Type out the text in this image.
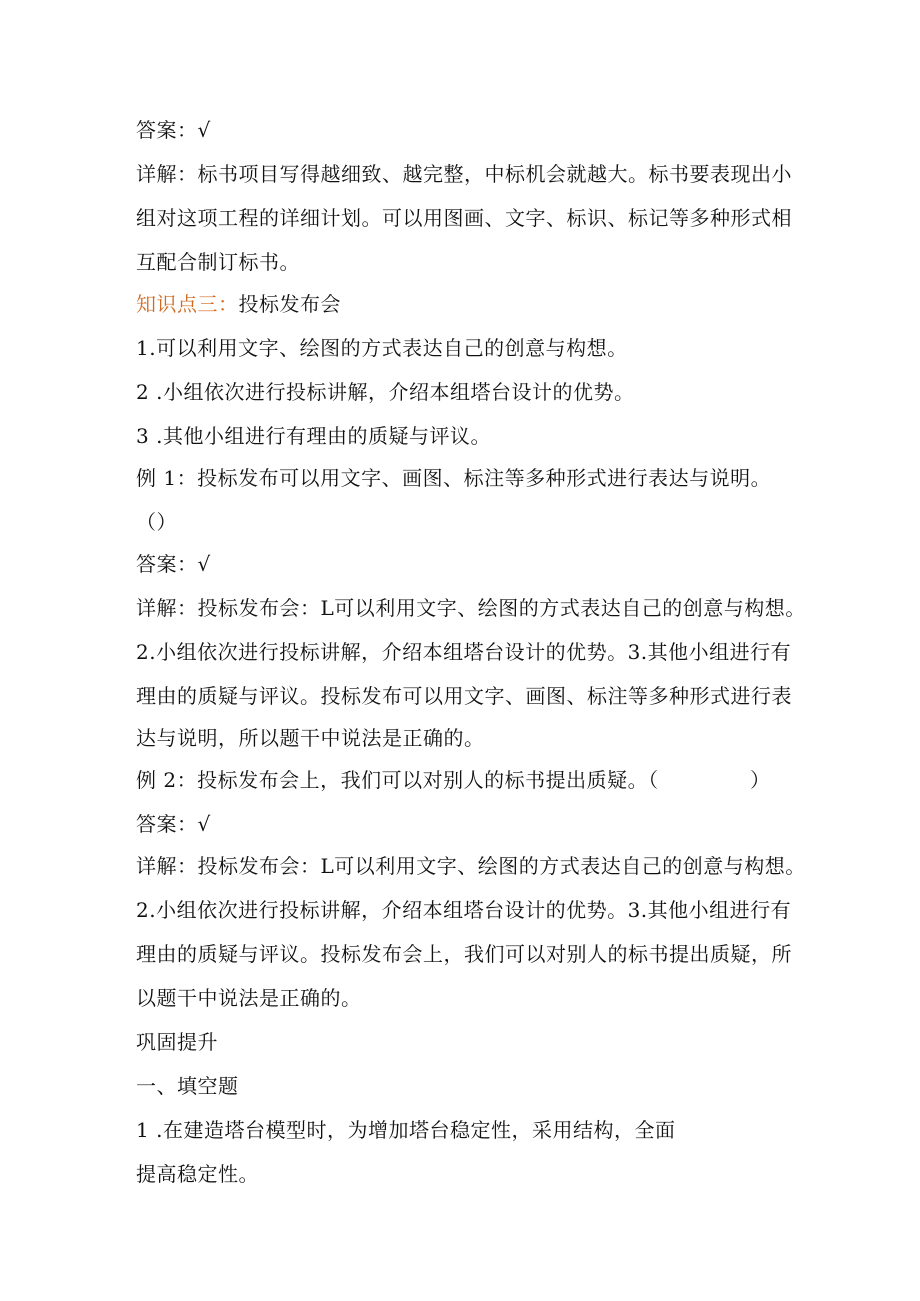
答案：√
详解：标书项目写得越细致、越完整，中标机会就越大。标书要表现出小
组对这项工程的详细计划。可以用图画、文字、标识、标记等多种形式相
互配合制订标书。
知识点三：投标发布会
1.可以利用文字、绘图的方式表达自己的创意与构想。
2 .小组依次进行投标讲解，介绍本组塔台设计的优势。
3 .其他小组进行有理由的质疑与评议。
例 1：投标发布可以用文字、画图、标注等多种形式进行表达与说明。
（）
答案：√
详解：投标发布会：L可以利用文字、绘图的方式表达自己的创意与构想。
2.小组依次进行投标讲解，介绍本组塔台设计的优势。3.其他小组进行有
理由的质疑与评议。投标发布可以用文字、画图、标注等多种形式进行表
达与说明，所以题干中说法是正确的。
例 2：投标发布会上，我们可以对别人的标书提出质疑。（	）
答案：√
详解：投标发布会：L可以利用文字、绘图的方式表达自己的创意与构想。
2.小组依次进行投标讲解，介绍本组塔台设计的优势。3.其他小组进行有
理由的质疑与评议。投标发布会上，我们可以对别人的标书提出质疑，所
以题干中说法是正确的。
巩固提升
一、填空题
1 .在建造塔台模型时，为增加塔台稳定性，采用结构，全面
提高稳定性。
